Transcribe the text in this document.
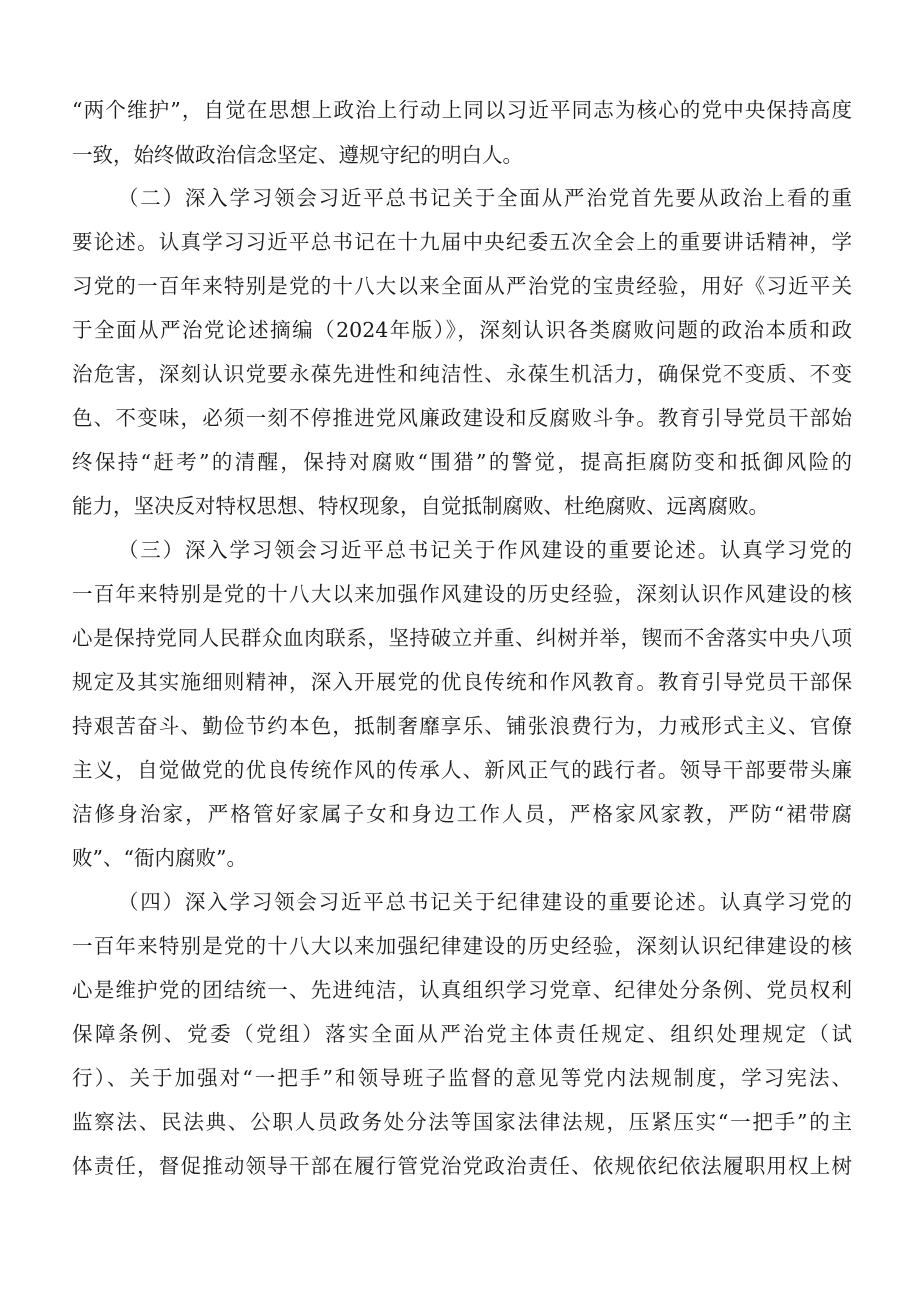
“两个维护”，自觉在思想上政治上行动上同以习近平同志为核心的党中央保持高度
一致，始终做政治信念坚定、遵规守纪的明白人。
（二）深入学习领会习近平总书记关于全面从严治党首先要从政治上看的重
要论述。认真学习习近平总书记在十九届中央纪委五次全会上的重要讲话精神，学
习党的一百年来特别是党的十八大以来全面从严治党的宝贵经验，用好《习近平关
于全面从严治党论述摘编（2024年版）》，深刻认识各类腐败问题的政治本质和政
治危害，深刻认识党要永葆先进性和纯洁性、永葆生机活力，确保党不变质、不变
色、不变味，必须一刻不停推进党风廉政建设和反腐败斗争。教育引导党员干部始
终保持“赶考”的清醒，保持对腐败“围猎”的警觉，提高拒腐防变和抵御风险的
能力，坚决反对特权思想、特权现象，自觉抵制腐败、杜绝腐败、远离腐败。
（三）深入学习领会习近平总书记关于作风建设的重要论述。认真学习党的
一百年来特别是党的十八大以来加强作风建设的历史经验，深刻认识作风建设的核
心是保持党同人民群众血肉联系，坚持破立并重、纠树并举，锲而不舍落实中央八项
规定及其实施细则精神，深入开展党的优良传统和作风教育。教育引导党员干部保
持艰苦奋斗、勤俭节约本色，抵制奢靡享乐、铺张浪费行为，力戒形式主义、官僚
主义，自觉做党的优良传统作风的传承人、新风正气的践行者。领导干部要带头廉
洁修身治家，严格管好家属子女和身边工作人员，严格家风家教，严防“裙带腐
败”、“衙内腐败”。
（四）深入学习领会习近平总书记关于纪律建设的重要论述。认真学习党的
一百年来特别是党的十八大以来加强纪律建设的历史经验，深刻认识纪律建设的核
心是维护党的团结统一、先进纯洁，认真组织学习党章、纪律处分条例、党员权利
保障条例、党委（党组）落实全面从严治党主体责任规定、组织处理规定（试
行）、关于加强对“一把手”和领导班子监督的意见等党内法规制度，学习宪法、
监察法、民法典、公职人员政务处分法等国家法律法规，压紧压实“一把手”的主
体责任，督促推动领导干部在履行管党治党政治责任、依规依纪依法履职用权上树
